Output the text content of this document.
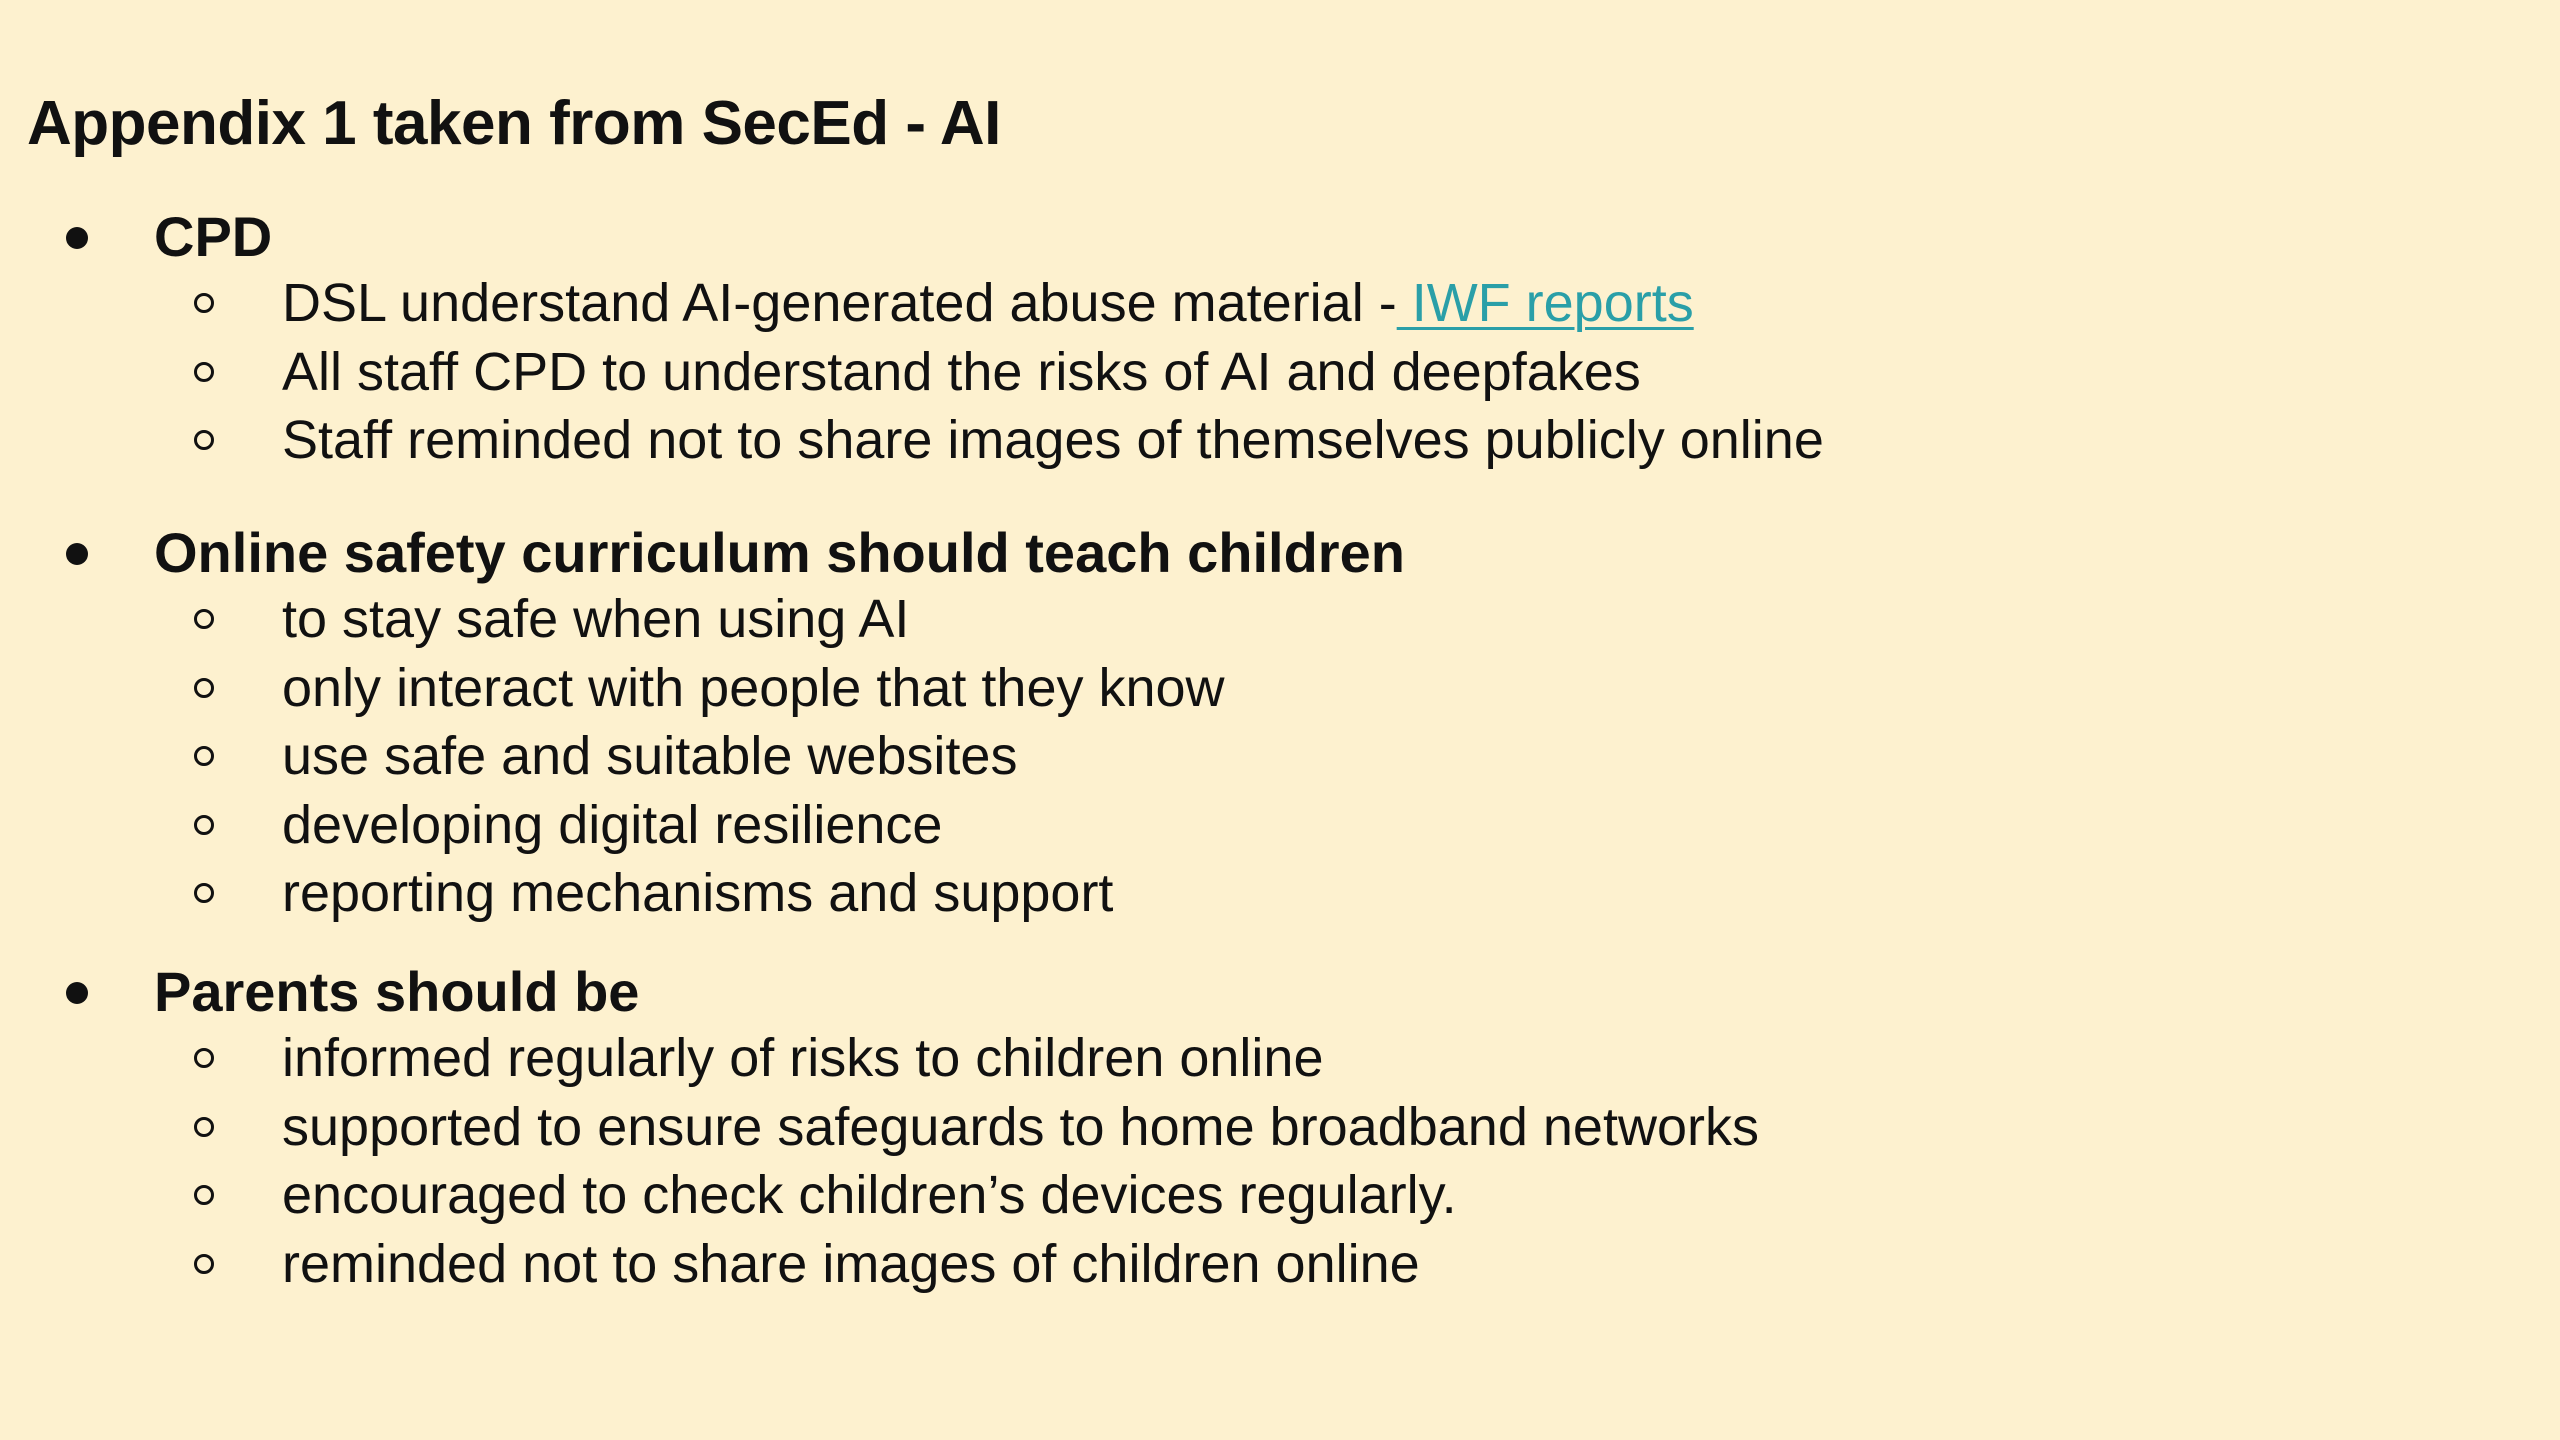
Appendix 1 taken from SecEd - AI
CPD
DSL understand AI-generated abuse material - IWF reports
All staff CPD to understand the risks of AI and deepfakes
Staff reminded not to share images of themselves publicly online
Online safety curriculum should teach children
to stay safe when using AI
only interact with people that they know
use safe and suitable websites
developing digital resilience
reporting mechanisms and support
Parents should be
informed regularly of risks to children online
supported to ensure safeguards to home broadband networks
encouraged to check children’s devices regularly.
reminded not to share images of children online
